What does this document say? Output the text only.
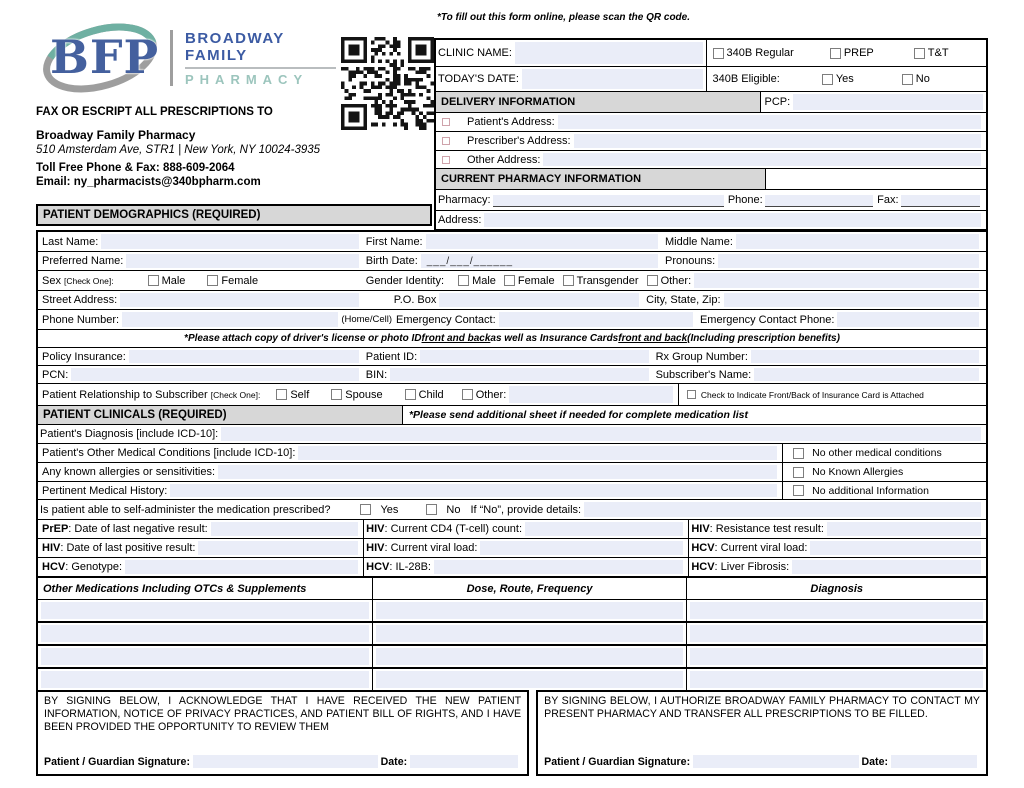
BFP BROADWAY FAMILY
PHARMACY
FAX OR ESCRIPT ALL PRESCRIPTIONS TO
Broadway Family Pharmacy
510 Amsterdam Ave, STR1 | New York, NY 10024-3935
Toll Free Phone & Fax: 888-609-2064
Email: ny_pharmacists@340bpharm.com
*To fill out this form online, please scan the QR code.
CLINIC NAME:	340B Regular	PREP	T&T
TODAY'S DATE:	340B Eligible:	Yes	No
DELIVERY INFORMATION	PCP:
Patient's Address:
Prescriber's Address:
Other Address:
CURRENT PHARMACY INFORMATION
Pharmacy:	Phone:	Fax:
Address:
PATIENT DEMOGRAPHICS (REQUIRED)
Last Name:	First Name:	Middle Name:
Preferred Name:	Birth Date: ___/___/______	Pronouns:
Sex [Check One]:	Male	Female	Gender Identity:	Male Female Transgender Other:
Street Address:	P.O. Box	City, State, Zip:
Phone Number:	(Home/Cell) Emergency Contact:	Emergency Contact Phone:
*Please attach copy of driver's license or photo ID front and back as well as Insurance Cards front and back (Including prescription benefits)
Policy Insurance:	Patient ID:	Rx Group Number:
PCN:	BIN:	Subscriber's Name:
Patient Relationship to Subscriber [Check One]:	Self	Spouse	Child	Other:	Check to Indicate Front/Back of Insurance Card is Attached
PATIENT CLINICALS (REQUIRED)	*Please send additional sheet if needed for complete medication list
Patient's Diagnosis [include ICD-10]:
Patient's Other Medical Conditions [include ICD-10]:	No other medical conditions
Any known allergies or sensitivities:	No Known Allergies
Pertinent Medical History:	No additional Information
Is patient able to self-administer the medication prescribed?	Yes	No If “No”, provide details:
PrEP: Date of last negative result:	HIV: Current CD4 (T-cell) count:	HIV: Resistance test result:
HIV: Date of last positive result:	HIV: Current viral load:	HCV: Current viral load:
HCV: Genotype:	HCV: IL-28B:	HCV: Liver Fibrosis:
Other Medications Including OTCs & Supplements	Dose, Route, Frequency	Diagnosis
BY SIGNING BELOW, I ACKNOWLEDGE THAT I HAVE RECEIVED THE NEW PATIENT INFORMATION, NOTICE OF PRIVACY PRACTICES, AND PATIENT BILL OF RIGHTS, AND I HAVE BEEN PROVIDED THE OPPORTUNITY TO REVIEW THEM
Patient / Guardian Signature:	Date:
BY SIGNING BELOW, I AUTHORIZE BROADWAY FAMILY PHARMACY TO CONTACT MY PRESENT PHARMACY AND TRANSFER ALL PRESCRIPTIONS TO BE FILLED.
Patient / Guardian Signature:	Date:
